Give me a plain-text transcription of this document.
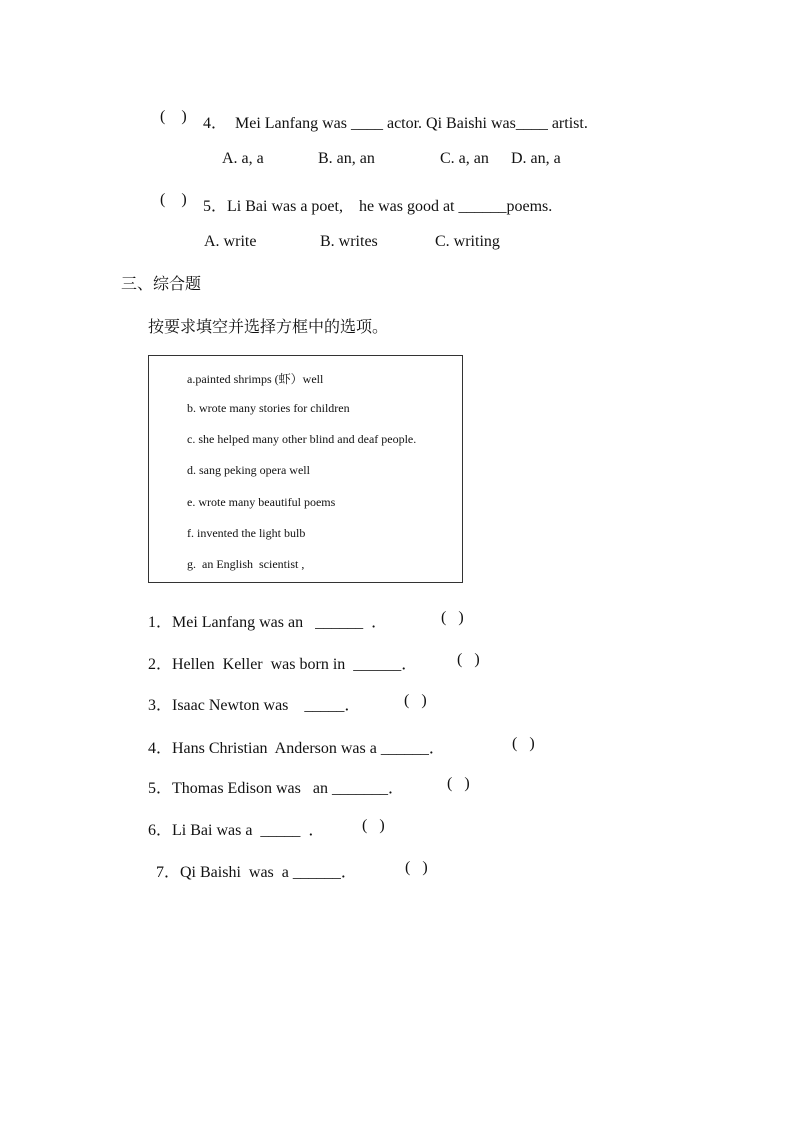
(    ) 4．  Mei Lanfang was ____ actor. Qi Baishi was____ artist.
A. a, a	B. an, an	C. a, an D. an, a
(    ) 5．Li Bai was a poet,    he was good at ______poems.
A. write	B. writes	C. writing
三、综合题
按要求填空并选择方框中的选项。
a.painted shrimps (虾）well
b. wrote many stories for children
c. she helped many other blind and deaf people.
d. sang peking opera well
e. wrote many beautiful poems
f. invented the light bulb
g.  an English  scientist ,
1．Mei Lanfang was an   ______  ．	(   )
2．Hellen  Keller  was born in  ______． (   )
3．Isaac Newton was    _____．	(   )
4．Hans Christian  Anderson was a ______．	(   )
5．Thomas Edison was   an _______．	(   )
6．Li Bai was a  _____  ． (   )
7．Qi Baishi  was  a ______．	(   )
